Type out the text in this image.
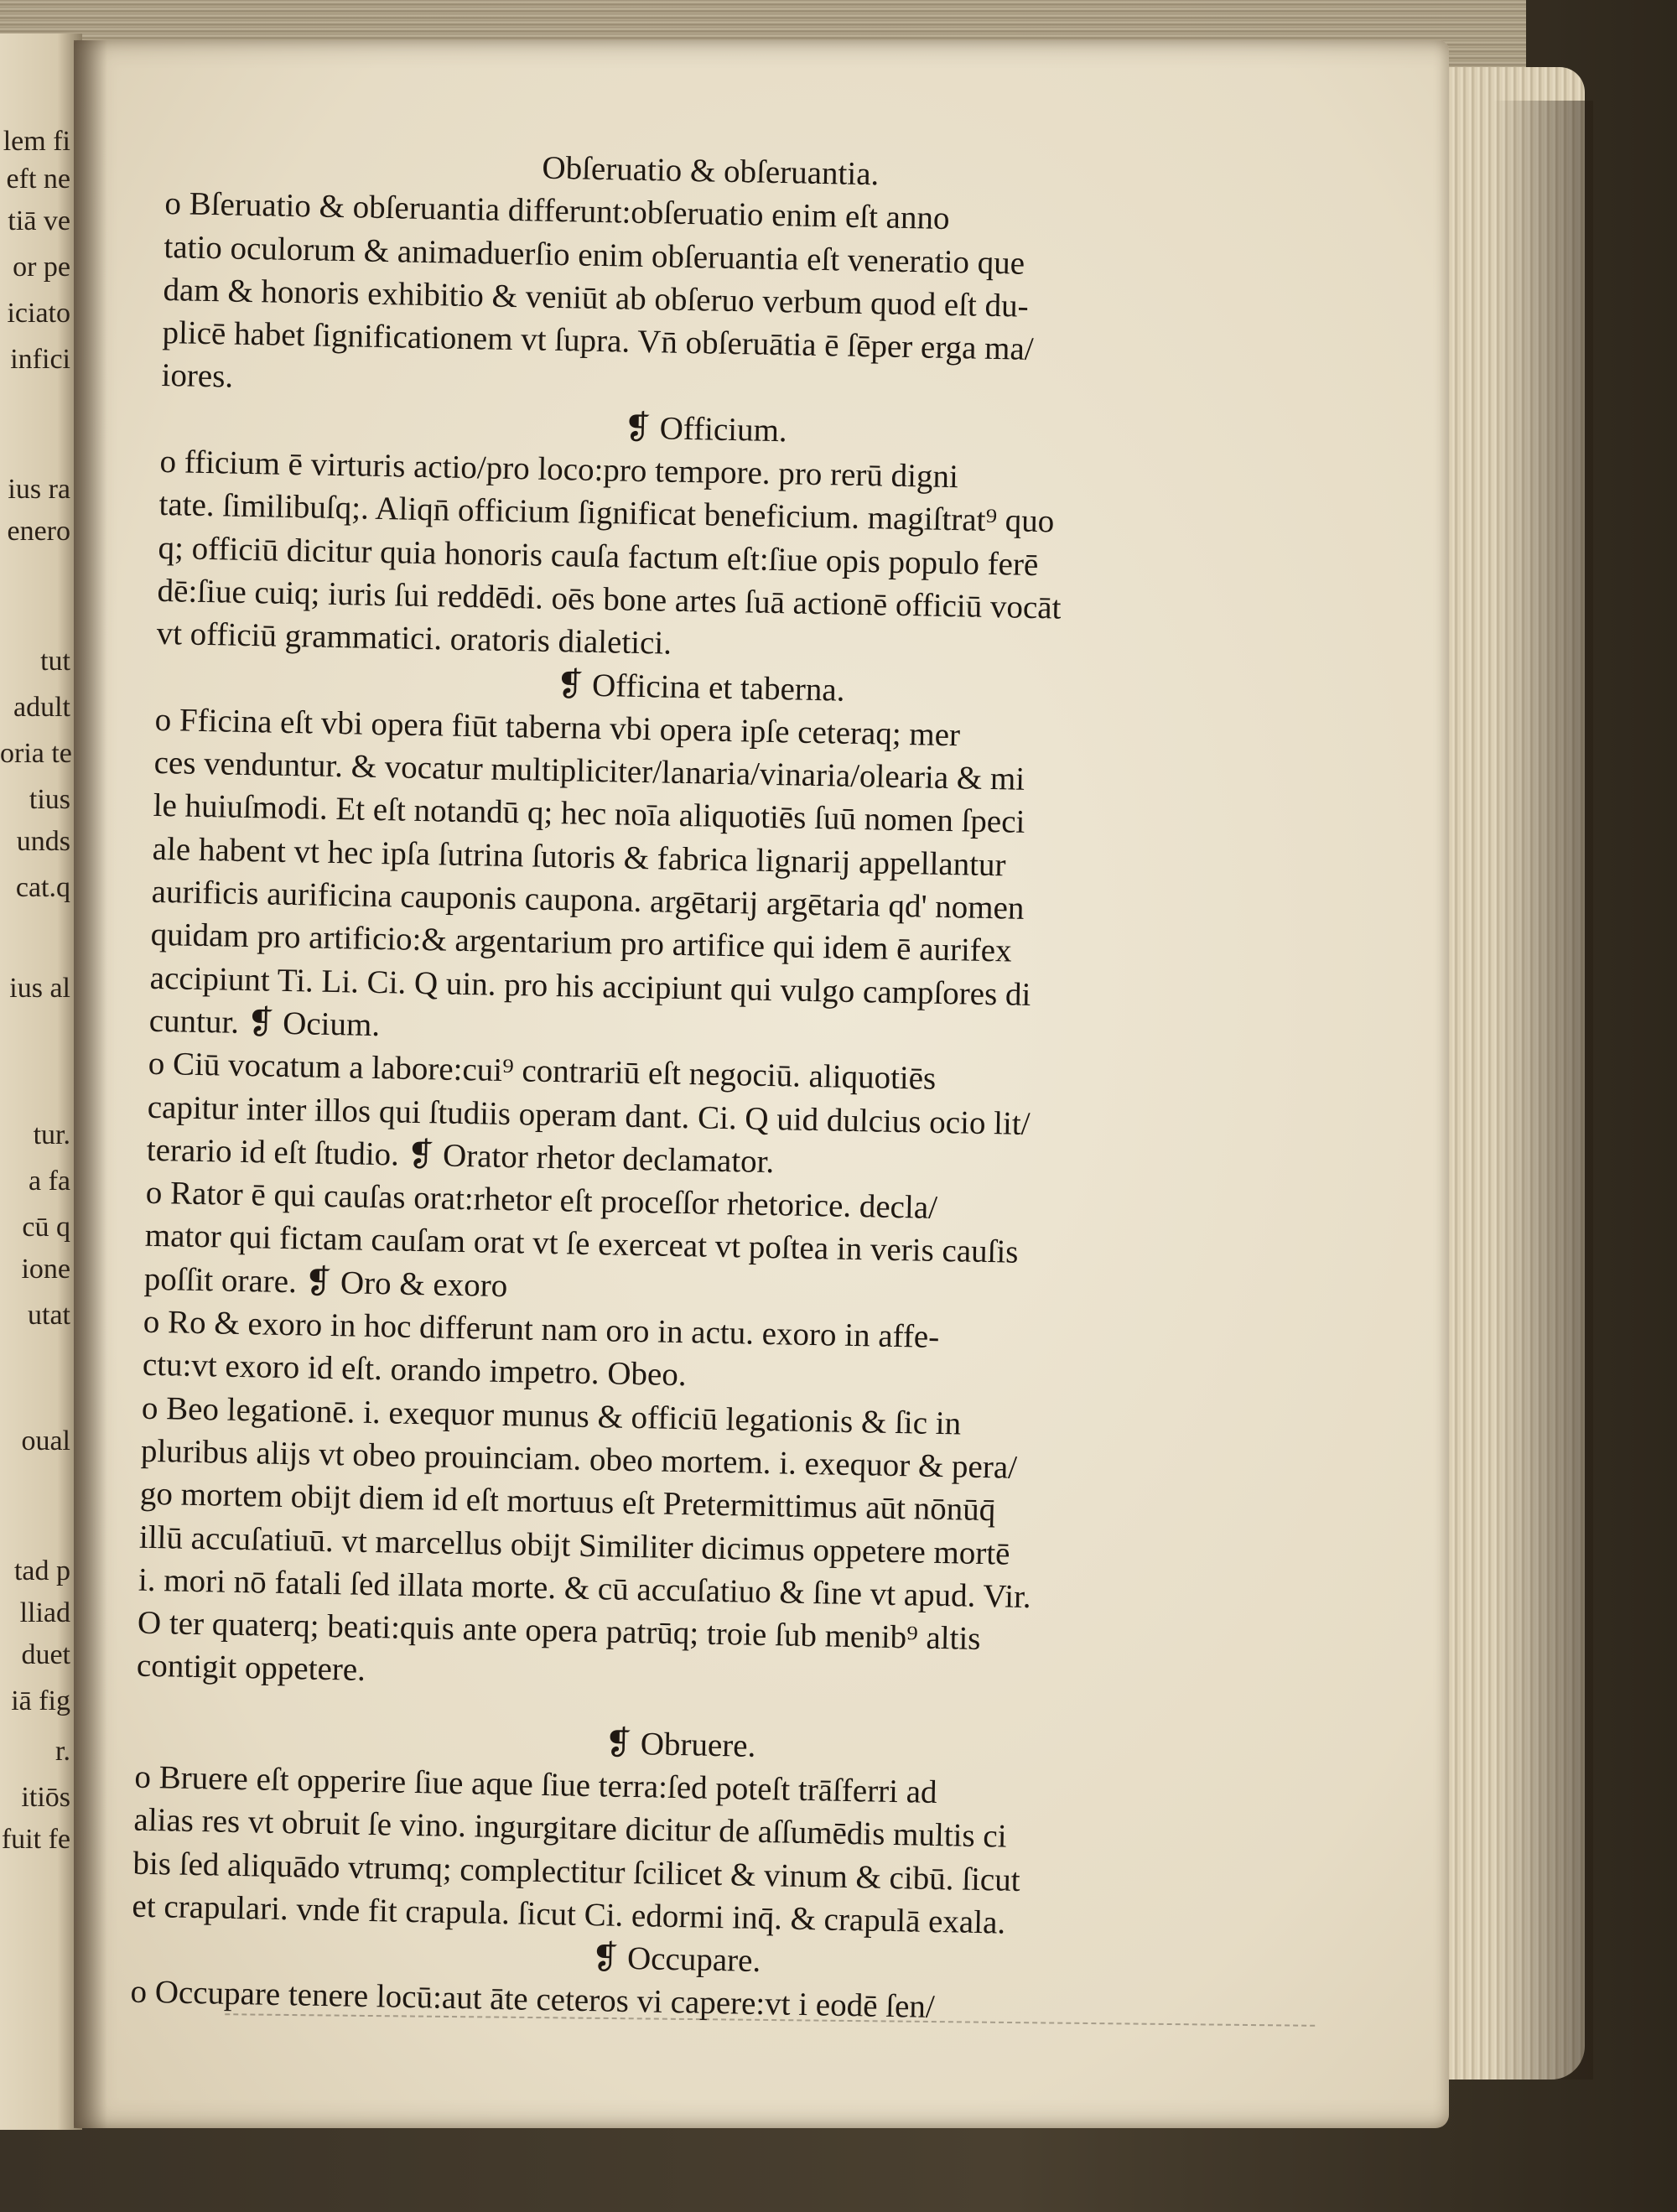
lem fi
eft ne
tiā ve
or pe
iciato
infici
ius ra
enero
tut
adult
oria te
tius
unds
cat.q
ius al
tur.
a fa
cū q
ione
utat
oual
tad p
lliad
duet
iā fig
r.
itiōs
fuit fe
Obſeruatio & obſeruantia.
o Bſeruatio & obſeruantia differunt:obſeruatio enim eſt anno
tatio oculorum & animaduerſio enim obſeruantia eſt veneratio que
dam & honoris exhibitio & veniūt ab obſeruo verbum quod eſt du-
plicē habet ſignificationem vt ſupra. Vn̄ obſeruātia ē ſēper erga ma/
iores.
❡ Officium.
o fficium ē virturis actio/pro loco:pro tempore. pro rerū digni
tate. ſimilibuſq;. Aliqn̄ officium ſignificat beneficium. magiſtrat⁹ quo
q; officiū dicitur quia honoris cauſa factum eſt:ſiue opis populo ferē
dē:ſiue cuiq; iuris ſui reddēdi. oēs bone artes ſuā actionē officiū vocāt
vt officiū grammatici. oratoris dialetici.
❡ Officina et taberna.
o Fficina eſt vbi opera fiūt taberna vbi opera ipſe ceteraq; mer
ces venduntur. & vocatur multipliciter/lanaria/vinaria/olearia & mi
le huiuſmodi. Et eſt notandū q; hec noīa aliquotiēs ſuū nomen ſpeci
ale habent vt hec ipſa ſutrina ſutoris & fabrica lignarij appellantur
aurificis aurificina cauponis caupona. argētarij argētaria qd' nomen
quidam pro artificio:& argentarium pro artifice qui idem ē aurifex
accipiunt Ti. Li. Ci. Q uin. pro his accipiunt qui vulgo campſores di
cuntur. ❡ Ocium.
o Ciū vocatum a labore:cui⁹ contrariū eſt negociū. aliquotiēs
capitur inter illos qui ſtudiis operam dant. Ci. Q uid dulcius ocio lit/
terario id eſt ſtudio. ❡ Orator rhetor declamator.
o Rator ē qui cauſas orat:rhetor eſt proceſſor rhetorice. decla/
mator qui fictam cauſam orat vt ſe exerceat vt poſtea in veris cauſis
poſſit orare. ❡ Oro & exoro
o Ro & exoro in hoc differunt nam oro in actu. exoro in affe-
ctu:vt exoro id eſt. orando impetro. Obeo.
o Beo legationē. i. exequor munus & officiū legationis & ſic in
pluribus alijs vt obeo prouinciam. obeo mortem. i. exequor & pera/
go mortem obijt diem id eſt mortuus eſt Pretermittimus aūt nōnūq̄
illū accuſatiuū. vt marcellus obijt Similiter dicimus oppetere mortē
i. mori nō fatali ſed illata morte. & cū accuſatiuo & ſine vt apud. Vir.
O ter quaterq; beati:quis ante opera patrūq; troie ſub menib⁹ altis
contigit oppetere.
❡ Obruere.
o Bruere eſt opperire ſiue aque ſiue terra:ſed poteſt trāſferri ad
alias res vt obruit ſe vino. ingurgitare dicitur de aſſumēdis multis ci
bis ſed aliquādo vtrumq; complectitur ſcilicet & vinum & cibū. ſicut
et crapulari. vnde fit crapula. ſicut Ci. edormi inq̄. & crapulā exala.
❡ Occupare.
o Occupare tenere locū:aut āte ceteros vi capere:vt i eodē ſen/
